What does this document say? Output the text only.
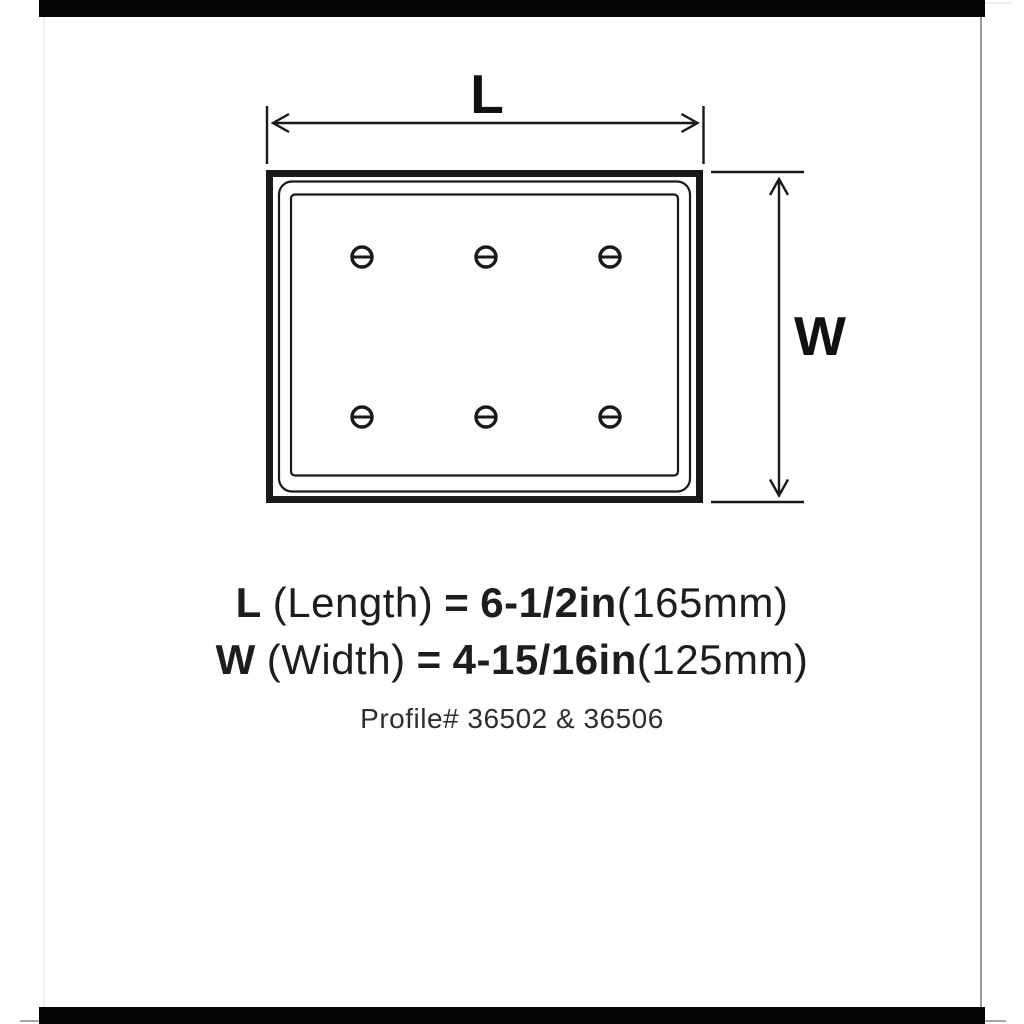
L
W
L (Length) = 6-1/2in(165mm)
W (Width) = 4-15/16in(125mm)
Profile# 36502 & 36506
